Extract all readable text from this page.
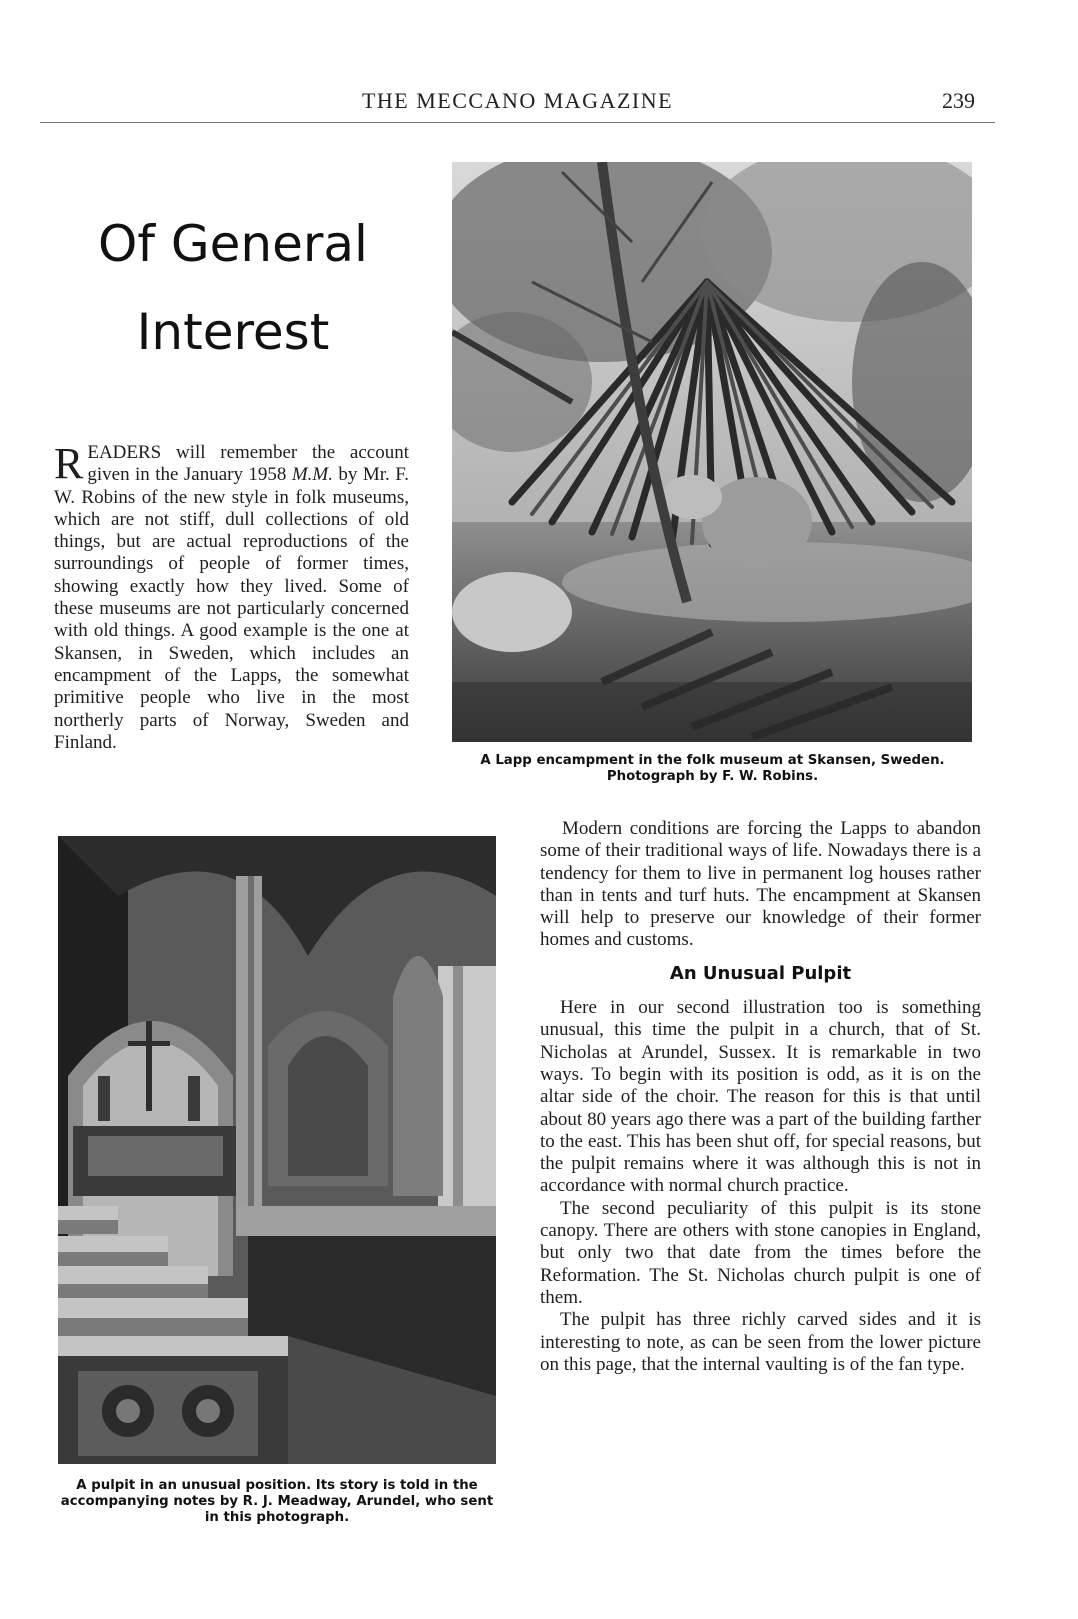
THE MECCANO MAGAZINE	239
Of General
Interest
READERS will remember the account given in the January 1958 M.M. by Mr. F. W. Robins of the new style in folk museums, which are not stiff, dull collections of old things, but are actual reproductions of the surroundings of people of former times, showing exactly how they lived. Some of these museums are not particularly concerned with old things. A good example is the one at Skansen, in Sweden, which includes an encampment of the Lapps, the somewhat primitive people who live in the most northerly parts of Norway, Sweden and Finland.
A Lapp encampment in the folk museum at Skansen, Sweden.
Photograph by F. W. Robins.
A pulpit in an unusual position. Its story is told in the accompanying notes by R. J. Meadway, Arundel, who sent in this photograph.

Modern conditions are forcing the Lapps to abandon some of their traditional ways of life. Nowadays there is a tendency for them to live in permanent log houses rather than in tents and turf huts. The encampment at Skansen will help to preserve our knowledge of their former homes and customs.

An Unusual Pulpit

Here in our second illustration too is something unusual, this time the pulpit in a church, that of St. Nicholas at Arundel, Sussex. It is remarkable in two ways. To begin with its position is odd, as it is on the altar side of the choir. The reason for this is that until about 80 years ago there was a part of the building farther to the east. This has been shut off, for special reasons, but the pulpit remains where it was although this is not in accordance with normal church practice.

The second peculiarity of this pulpit is its stone canopy. There are others with stone canopies in England, but only two that date from the times before the Reformation. The St. Nicholas church pulpit is one of them.

The pulpit has three richly carved sides and it is interesting to note, as can be seen from the lower picture on this page, that the internal vaulting is of the fan type.
